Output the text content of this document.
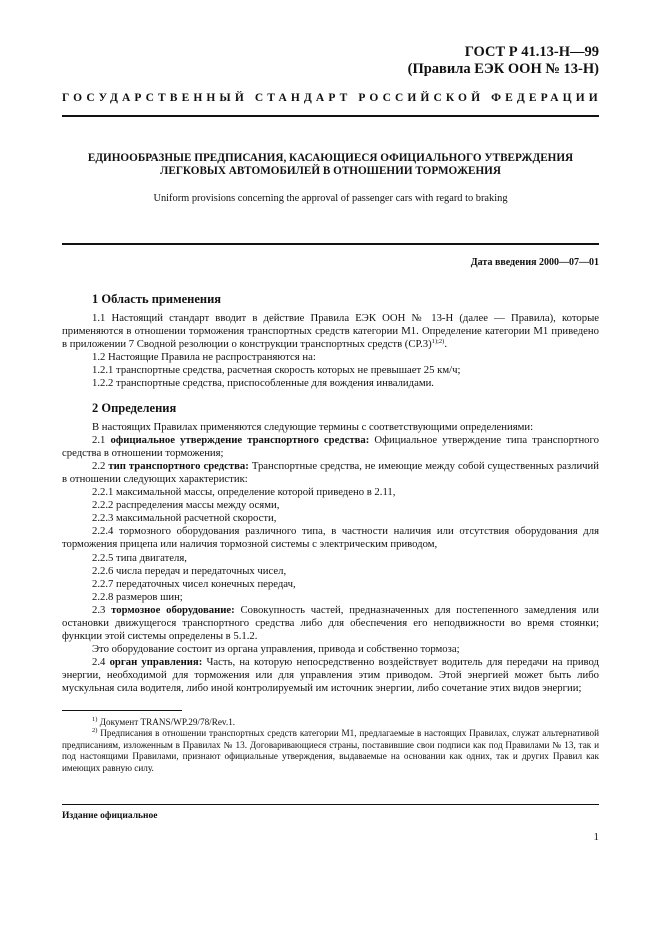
ГОСТ Р 41.13-Н—99
(Правила ЕЭК ООН № 13-Н)
ГОСУДАРСТВЕННЫЙ СТАНДАРТ РОССИЙСКОЙ ФЕДЕРАЦИИ
ЕДИНООБРАЗНЫЕ ПРЕДПИСАНИЯ, КАСАЮЩИЕСЯ ОФИЦИАЛЬНОГО УТВЕРЖДЕНИЯ
ЛЕГКОВЫХ АВТОМОБИЛЕЙ В ОТНОШЕНИИ ТОРМОЖЕНИЯ
Uniform provisions concerning the approval of passenger cars with regard to braking
Дата введения 2000—07—01
1 Область применения

1.1 Настоящий стандарт вводит в действие Правила ЕЭК ООН № 13-Н (далее — Правила), которые применяются в отношении торможения транспортных средств категории М1. Определение категории М1 приведено в приложении 7 Сводной резолюции о конструкции транспортных средств $(СР.3)^{1);2)}$.

1.2 Настоящие Правила не распространяются на:

1.2.1 транспортные средства, расчетная скорость которых не превышает 25 км/ч;

1.2.2 транспортные средства, приспособленные для вождения инвалидами.

2 Определения

В настоящих Правилах применяются следующие термины с соответствующими определениями:

2.1 официальное утверждение транспортного средства: Официальное утверждение типа транспортного средства в отношении торможения;

2.2 тип транспортного средства: Транспортные средства, не имеющие между собой существенных различий в отношении следующих характеристик:

2.2.1 максимальной массы, определение которой приведено в 2.11,

2.2.2 распределения массы между осями,

2.2.3 максимальной расчетной скорости,

2.2.4 тормозного оборудования различного типа, в частности наличия или отсутствия оборудования для торможения прицепа или наличия тормозной системы с электрическим приводом,

2.2.5 типа двигателя,

2.2.6 числа передач и передаточных чисел,

2.2.7 передаточных чисел конечных передач,

2.2.8 размеров шин;

2.3 тормозное оборудование: Совокупность частей, предназначенных для постепенного замедления или остановки движущегося транспортного средства либо для обеспечения его неподвижности во время стоянки; функции этой системы определены в 5.1.2.

Это оборудование состоит из органа управления, привода и собственно тормоза;

2.4 орган управления: Часть, на которую непосредственно воздействует водитель для передачи на привод энергии, необходимой для торможения или для управления этим приводом. Этой энергией может быть либо мускульная сила водителя, либо иной контролируемый им источник энергии, либо сочетание этих видов энергии;

$^{1)}$ Документ TRANS/WP.29/78/Rev.1.

$^{2)}$ Предписания в отношении транспортных средств категории М1, предлагаемые в настоящих Правилах, служат альтернативой предписаниям, изложенным в Правилах № 13. Договаривающиеся страны, поставившие свои подписи как под Правилами № 13, так и под настоящими Правилами, признают официальные утверждения, выдаваемые на основании как одних, так и других Правил как имеющих равную силу.

Издание официальное
1
